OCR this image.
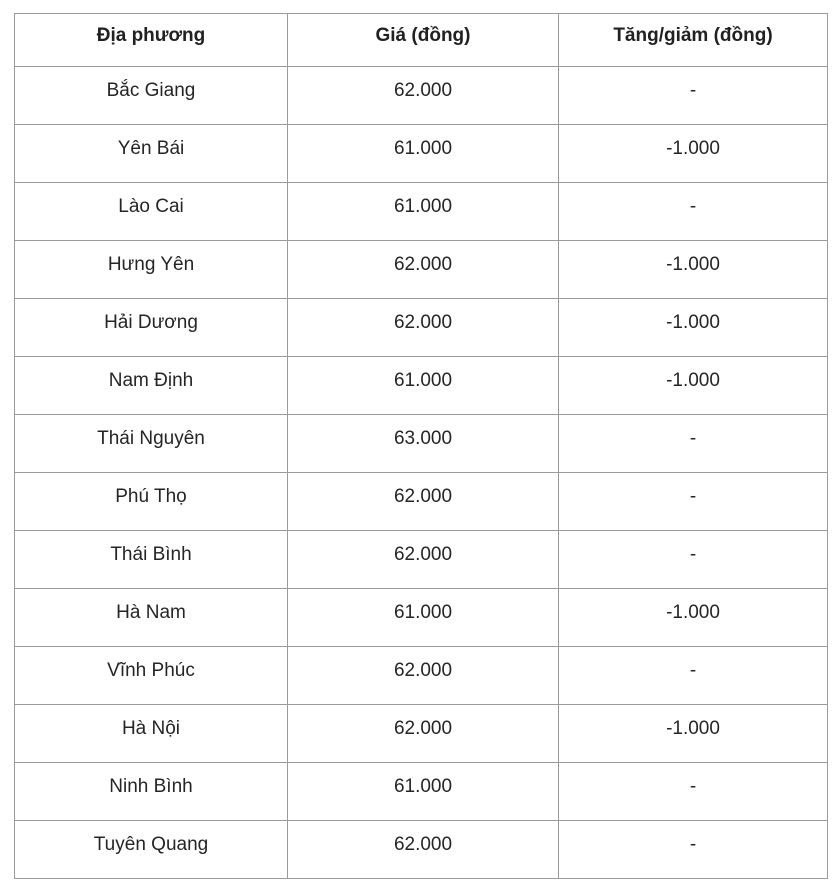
Địa phương	Giá (đồng)	Tăng/giảm (đồng)
Bắc Giang	62.000	-
Yên Bái	61.000	-1.000
Lào Cai	61.000	-
Hưng Yên	62.000	-1.000
Hải Dương	62.000	-1.000
Nam Định	61.000	-1.000
Thái Nguyên	63.000	-
Phú Thọ	62.000	-
Thái Bình	62.000	-
Hà Nam	61.000	-1.000
Vĩnh Phúc	62.000	-
Hà Nội	62.000	-1.000
Ninh Bình	61.000	-
Tuyên Quang	62.000	-
